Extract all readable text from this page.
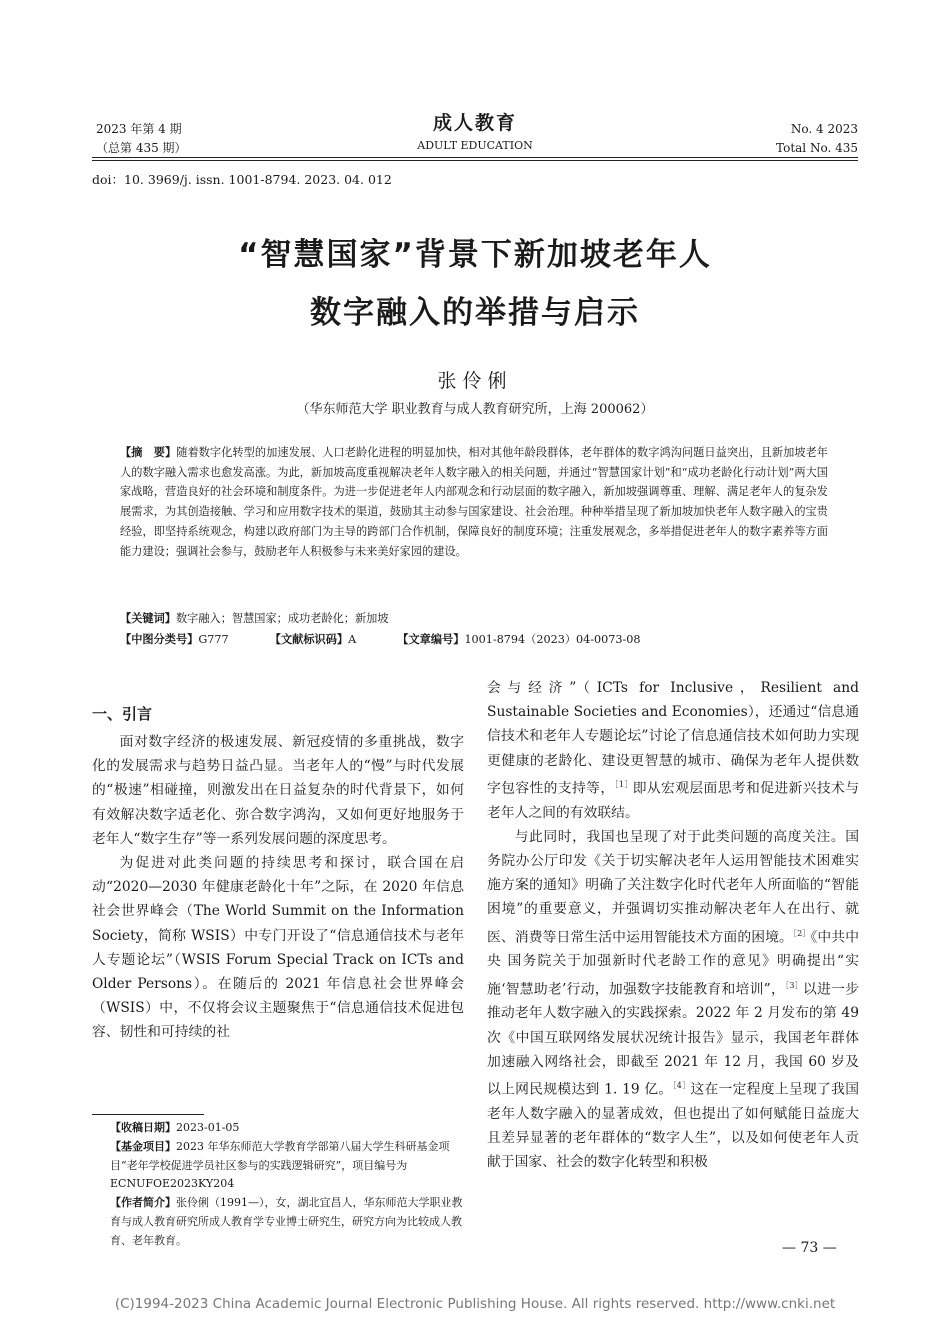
2023 年第 4 期
（总第 435 期）
成人教育
ADULT EDUCATION
No. 4 2023
Total No. 435
doi：10. 3969/j. issn. 1001-8794. 2023. 04. 012
“智慧国家”背景下新加坡老年人
数字融入的举措与启示
张伶俐
（华东师范大学 职业教育与成人教育研究所，上海 200062）

【摘　要】随着数字化转型的加速发展、人口老龄化进程的明显加快，相对其他年龄段群体，老年群体的数字鸿沟问题日益突出，且新加坡老年人的数字融入需求也愈发高涨。为此，新加坡高度重视解决老年人数字融入的相关问题，并通过“智慧国家计划”和“成功老龄化行动计划”两大国家战略，营造良好的社会环境和制度条件。为进一步促进老年人内部观念和行动层面的数字融入，新加坡强调尊重、理解、满足老年人的复杂发展需求，为其创造接触、学习和应用数字技术的渠道，鼓励其主动参与国家建设、社会治理。种种举措呈现了新加坡加快老年人数字融入的宝贵经验，即坚持系统观念，构建以政府部门为主导的跨部门合作机制，保障良好的制度环境；注重发展观念，多举措促进老年人的数字素养等方面能力建设；强调社会参与，鼓励老年人积极参与未来美好家园的建设。

【关键词】数字融入；智慧国家；成功老龄化；新加坡
【中图分类号】G777	【文献标识码】A	【文章编号】1001-8794（2023）04-0073-08
一、引言

面对数字经济的极速发展、新冠疫情的多重挑战，数字化的发展需求与趋势日益凸显。当老年人的“慢”与时代发展的“极速”相碰撞，则激发出在日益复杂的时代背景下，如何有效解决数字适老化、弥合数字鸿沟，又如何更好地服务于老年人“数字生存”等一系列发展问题的深度思考。

为促进对此类问题的持续思考和探讨，联合国在启动“2020—2030 年健康老龄化十年”之际，在 2020 年信息社会世界峰会（The World Summit on the Information Society，简称 WSIS）中专门开设了“信息通信技术与老年人专题论坛”（WSIS Forum Special Track on ICTs and Older Persons）。在随后的 2021 年信息社会世界峰会（WSIS）中，不仅将会议主题聚焦于“信息通信技术促进包容、韧性和可持续的社

会与经济”（ICTs for Inclusive，Resilient and Sustainable Societies and Economies），还通过“信息通信技术和老年人专题论坛”讨论了信息通信技术如何助力实现更健康的老龄化、建设更智慧的城市、确保为老年人提供数字包容性的支持等，$^{[1]}$即从宏观层面思考和促进新兴技术与老年人之间的有效联结。

与此同时，我国也呈现了对于此类问题的高度关注。国务院办公厅印发《关于切实解决老年人运用智能技术困难实施方案的通知》明确了关注数字化时代老年人所面临的“智能困境”的重要意义，并强调切实推动解决老年人在出行、就医、消费等日常生活中运用智能技术方面的困境。$^{[2]}$《中共中央 国务院关于加强新时代老龄工作的意见》明确提出“实施‘智慧助老’行动，加强数字技能教育和培训”，$^{[3]}$以进一步推动老年人数字融入的实践探索。2022 年 2 月发布的第 49 次《中国互联网络发展状况统计报告》显示，我国老年群体加速融入网络社会，即截至 2021 年 12 月，我国 60 岁及以上网民规模达到 1. 19 亿。$^{[4]}$这在一定程度上呈现了我国老年人数字融入的显著成效，但也提出了如何赋能日益庞大且差异显著的老年群体的“数字人生”，以及如何使老年人贡献于国家、社会的数字化转型和积极

【收稿日期】2023-01-05

【基金项目】2023 年华东师范大学教育学部第八届大学生科研基金项目“老年学校促进学员社区参与的实践逻辑研究”，项目编号为 ECNUFOE2023KY204

【作者简介】张伶俐（1991—），女，湖北宜昌人，华东师范大学职业教育与成人教育研究所成人教育学专业博士研究生，研究方向为比较成人教育、老年教育。	— 73 —
(C)1994-2023 China Academic Journal Electronic Publishing House. All rights reserved. http://www.cnki.net
